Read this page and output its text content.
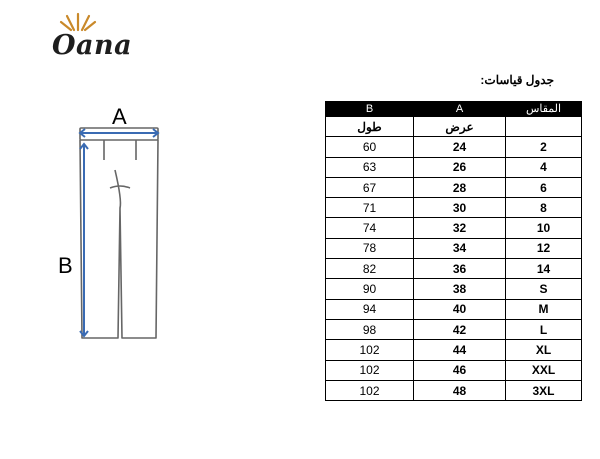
Oana
A
B
جدول قياسات:
B	A	المقاس
طول	عرض	
60	24	2
63	26	4
67	28	6
71	30	8
74	32	10
78	34	12
82	36	14
90	38	S
94	40	M
98	42	L
102	44	XL
102	46	XXL
102	48	3XL
